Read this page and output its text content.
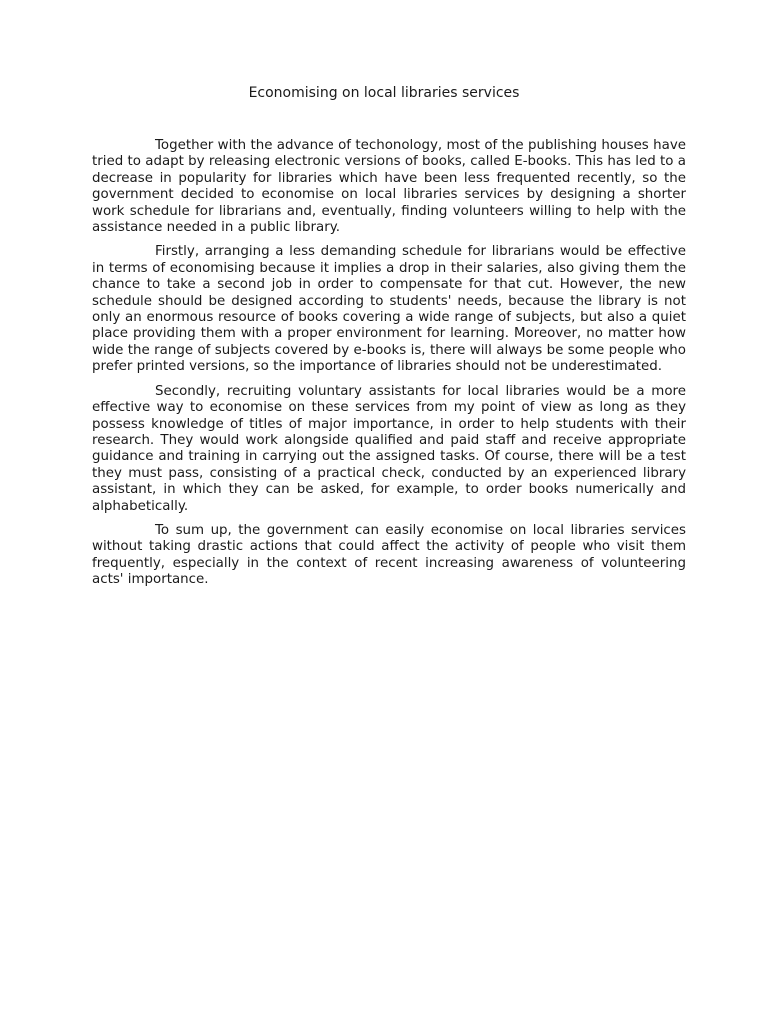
Economising on local libraries services

Together with the advance of techonology, most of the publishing houses have tried to adapt by releasing electronic versions of books, called E-books. This has led to a decrease in popularity for libraries which have been less frequented recently, so the government decided to economise on local libraries services by designing a shorter work schedule for librarians and, eventually, finding volunteers willing to help with the assistance needed in a public library.

Firstly, arranging a less demanding schedule for librarians would be effective in terms of economising because it implies a drop in their salaries, also giving them the chance to take a second job in order to compensate for that cut. However, the new schedule should be designed according to students' needs, because the library is not only an enormous resource of books covering a wide range of subjects, but also a quiet place providing them with a proper environment for learning. Moreover, no matter how wide the range of subjects covered by e-books is, there will always be some people who prefer printed versions, so the importance of libraries should not be underestimated.

Secondly, recruiting voluntary assistants for local libraries would be a more effective way to economise on these services from my point of view as long as they possess knowledge of titles of major importance, in order to help students with their research. They would work alongside qualified and paid staff and receive appropriate guidance and training in carrying out the assigned tasks. Of course, there will be a test they must pass, consisting of a practical check, conducted by an experienced library assistant, in which they can be asked, for example, to order books numerically and alphabetically.

To sum up, the government can easily economise on local libraries services without taking drastic actions that could affect the activity of people who visit them frequently, especially in the context of recent increasing awareness of volunteering acts' importance.
